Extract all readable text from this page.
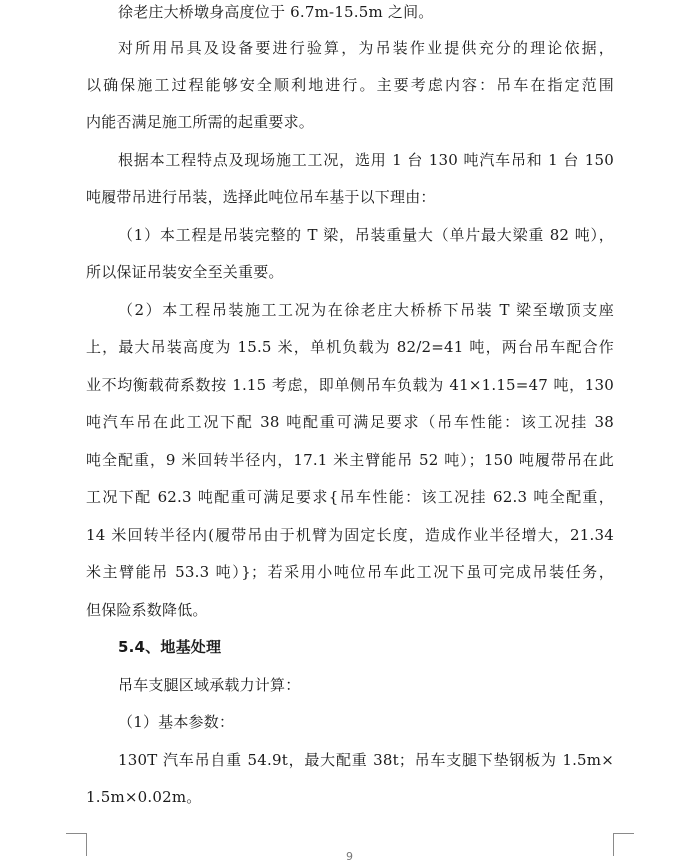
徐老庄大桥墩身高度位于 6.7m-15.5m 之间。
对所用吊具及设备要进行验算，为吊装作业提供充分的理论依据，
以确保施工过程能够安全顺利地进行。主要考虑内容：吊车在指定范围
内能否满足施工所需的起重要求。
根据本工程特点及现场施工工况，选用 1 台 130 吨汽车吊和 1 台 150
吨履带吊进行吊装，选择此吨位吊车基于以下理由：
（1）本工程是吊装完整的 T 梁，吊装重量大（单片最大梁重 82 吨），
所以保证吊装安全至关重要。
（2）本工程吊装施工工况为在徐老庄大桥桥下吊装 T 梁至墩顶支座
上，最大吊装高度为 15.5 米，单机负载为 82/2=41 吨，两台吊车配合作
业不均衡载荷系数按 1.15 考虑，即单侧吊车负载为 41×1.15=47 吨，130
吨汽车吊在此工况下配 38 吨配重可满足要求（吊车性能：该工况挂 38
吨全配重，9 米回转半径内，17.1 米主臂能吊 52 吨）；150 吨履带吊在此
工况下配 62.3 吨配重可满足要求{吊车性能：该工况挂 62.3 吨全配重，
14 米回转半径内(履带吊由于机臂为固定长度，造成作业半径增大，21.34
米主臂能吊 53.3 吨）}；若采用小吨位吊车此工况下虽可完成吊装任务，
但保险系数降低。
5.4、地基处理
吊车支腿区域承载力计算：
（1）基本参数：
130T 汽车吊自重 54.9t，最大配重 38t；吊车支腿下垫钢板为 1.5m×
1.5m×0.02m。
9
